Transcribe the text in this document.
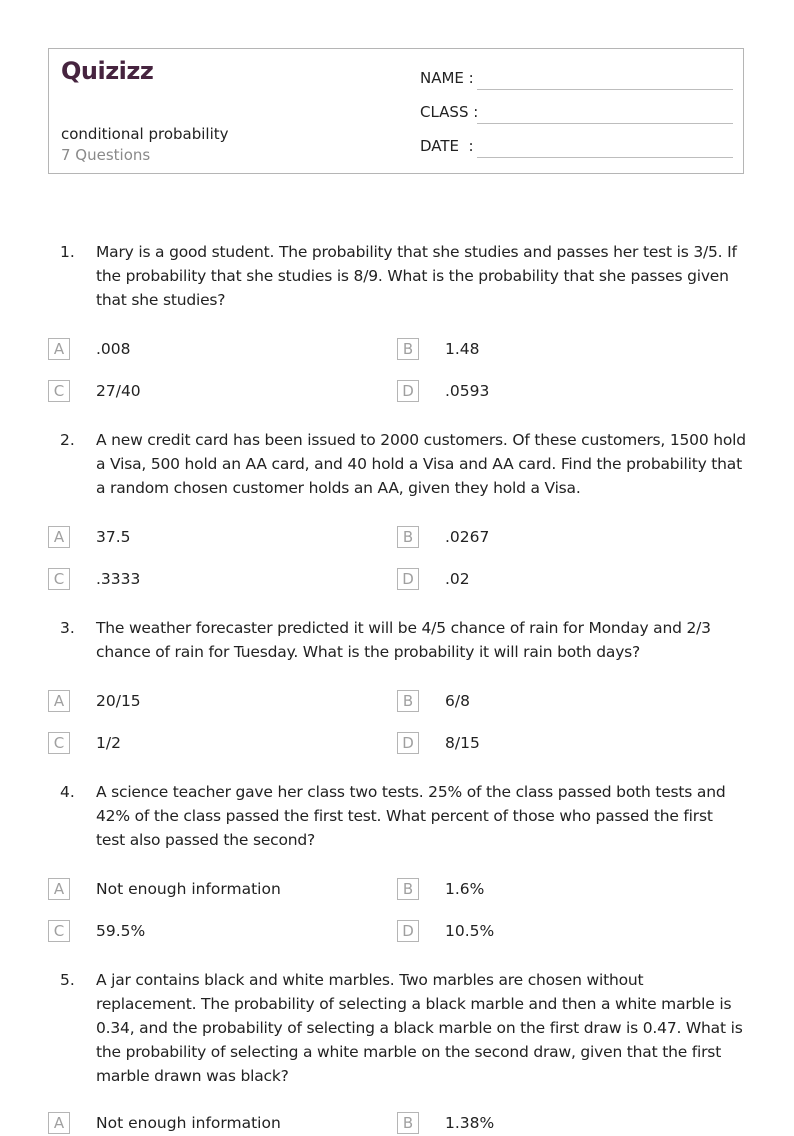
Quizizz
conditional probability
7 Questions
NAME :
CLASS :
DATE  :
1. Mary is a good student. The probability that she studies and passes her test is 3/5. If the probability that she studies is 8/9. What is the probability that she passes given that she studies?
A	.008	B	1.48
C	27/40	D	.0593
2. A new credit card has been issued to 2000 customers. Of these customers, 1500 hold a Visa, 500 hold an AA card, and 40 hold a Visa and AA card. Find the probability that a random chosen customer holds an AA, given they hold a Visa.
A	37.5	B	.0267
C	.3333	D	.02
3. The weather forecaster predicted it will be 4/5 chance of rain for Monday and 2/3 chance of rain for Tuesday. What is the probability it will rain both days?
A	20/15	B	6/8
C	1/2	D	8/15
4. A science teacher gave her class two tests. 25% of the class passed both tests and 42% of the class passed the first test. What percent of those who passed the first test also passed the second?
A	Not enough information	B	1.6%
C	59.5%	D	10.5%
5. A jar contains black and white marbles. Two marbles are chosen without replacement. The probability of selecting a black marble and then a white marble is 0.34, and the probability of selecting a black marble on the first draw is 0.47. What is the probability of selecting a white marble on the second draw, given that the first marble drawn was black?
A	Not enough information	B	1.38%
